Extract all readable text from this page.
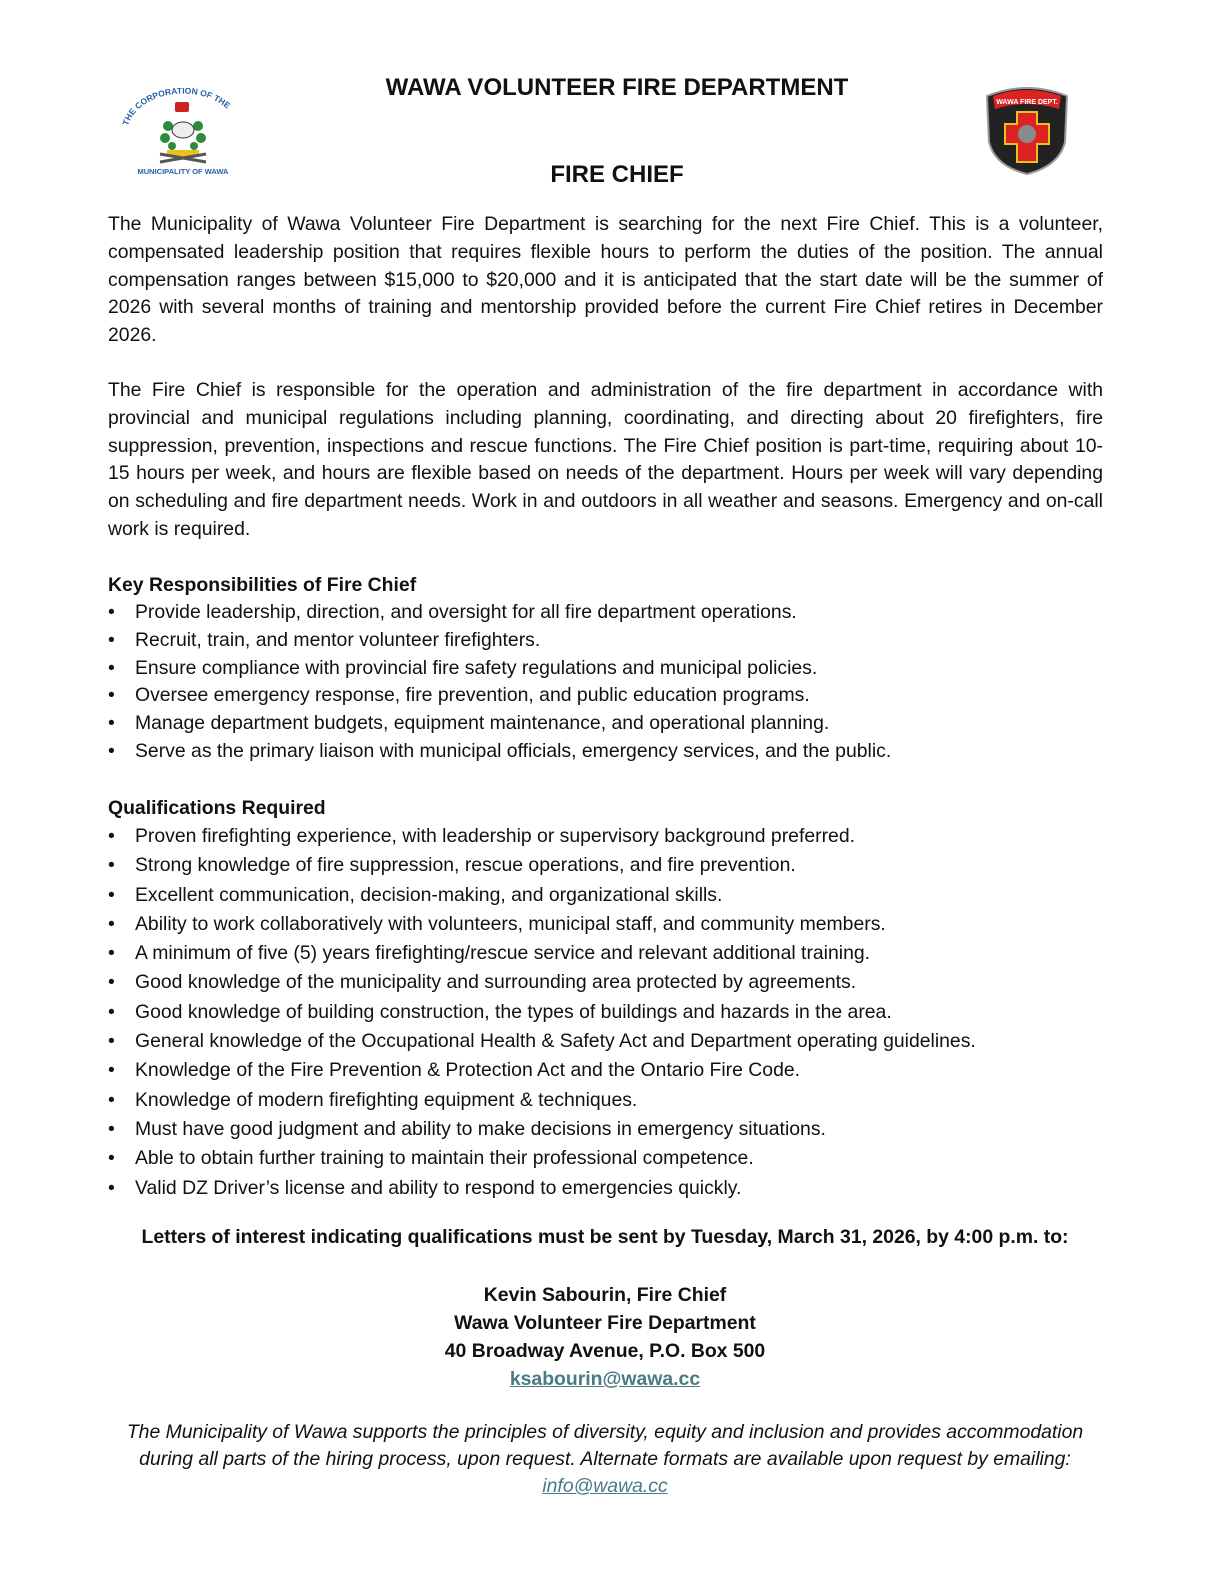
THE CORPORATION OF THE
MUNICIPALITY OF WAWA
WAWA FIRE DEPT.
WAWA VOLUNTEER FIRE DEPARTMENT
FIRE CHIEF

The Municipality of Wawa Volunteer Fire Department is searching for the next Fire Chief. This is a volunteer, compensated leadership position that requires flexible hours to perform the duties of the position. The annual compensation ranges between $15,000 to $20,000 and it is anticipated that the start date will be the summer of 2026 with several months of training and mentorship provided before the current Fire Chief retires in December 2026.

The Fire Chief is responsible for the operation and administration of the fire department in accordance with provincial and municipal regulations including planning, coordinating, and directing about 20 firefighters, fire suppression, prevention, inspections and rescue functions. The Fire Chief position is part-time, requiring about 10-15 hours per week, and hours are flexible based on needs of the department. Hours per week will vary depending on scheduling and fire department needs. Work in and outdoors in all weather and seasons. Emergency and on-call work is required.

Key Responsibilities of Fire Chief
• Provide leadership, direction, and oversight for all fire department operations.
• Recruit, train, and mentor volunteer firefighters.
• Ensure compliance with provincial fire safety regulations and municipal policies.
• Oversee emergency response, fire prevention, and public education programs.
• Manage department budgets, equipment maintenance, and operational planning.
• Serve as the primary liaison with municipal officials, emergency services, and the public.
Qualifications Required
• Proven firefighting experience, with leadership or supervisory background preferred.
• Strong knowledge of fire suppression, rescue operations, and fire prevention.
• Excellent communication, decision-making, and organizational skills.
• Ability to work collaboratively with volunteers, municipal staff, and community members.
• A minimum of five (5) years firefighting/rescue service and relevant additional training.
• Good knowledge of the municipality and surrounding area protected by agreements.
• Good knowledge of building construction, the types of buildings and hazards in the area.
• General knowledge of the Occupational Health & Safety Act and Department operating guidelines.
• Knowledge of the Fire Prevention & Protection Act and the Ontario Fire Code.
• Knowledge of modern firefighting equipment & techniques.
• Must have good judgment and ability to make decisions in emergency situations.
• Able to obtain further training to maintain their professional competence.
• Valid DZ Driver’s license and ability to respond to emergencies quickly.
Letters of interest indicating qualifications must be sent by Tuesday, March 31, 2026, by 4:00 p.m. to:
Kevin Sabourin, Fire Chief
Wawa Volunteer Fire Department
40 Broadway Avenue, P.O. Box 500
ksabourin@wawa.cc
The Municipality of Wawa supports the principles of diversity, equity and inclusion and provides accommodation during all parts of the hiring process, upon request. Alternate formats are available upon request by emailing: info@wawa.cc
